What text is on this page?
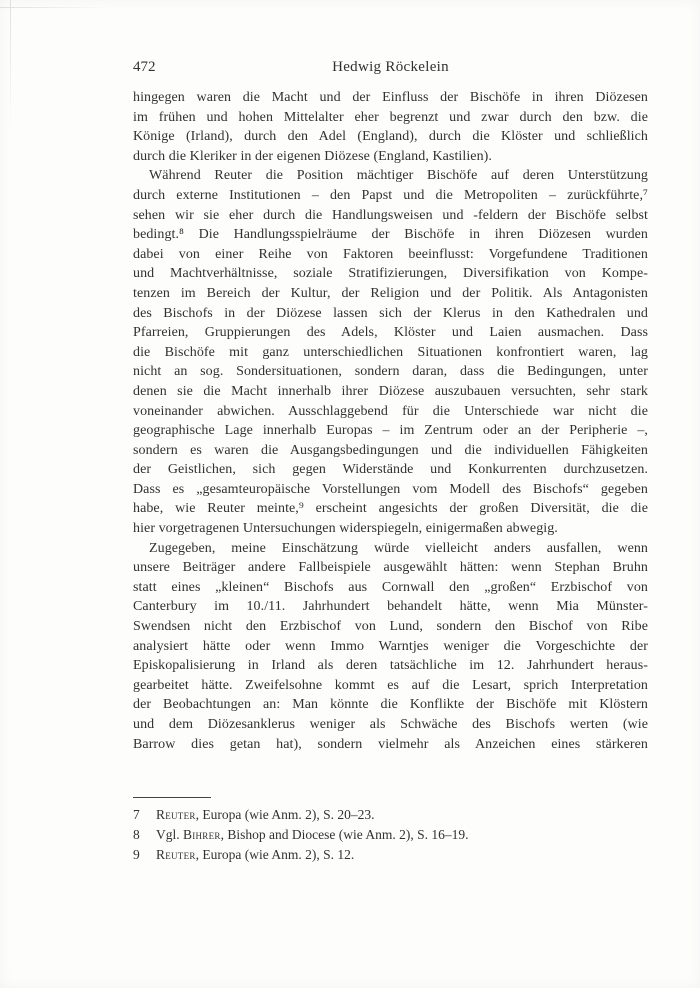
472	Hedwig Röckelein
hingegen waren die Macht und der Einfluss der Bischöfe in ihren Diözesen
im frühen und hohen Mittelalter eher begrenzt und zwar durch den bzw. die
Könige (Irland), durch den Adel (England), durch die Klöster und schließlich
durch die Kleriker in der eigenen Diözese (England, Kastilien).
Während Reuter die Position mächtiger Bischöfe auf deren Unterstützung
durch externe Institutionen – den Papst und die Metropoliten – zurückführte,⁷
sehen wir sie eher durch die Handlungsweisen und -feldern der Bischöfe selbst
bedingt.⁸ Die Handlungsspielräume der Bischöfe in ihren Diözesen wurden
dabei von einer Reihe von Faktoren beeinflusst: Vorgefundene Traditionen
und Machtverhältnisse, soziale Stratifizierungen, Diversifikation von Kompe-
tenzen im Bereich der Kultur, der Religion und der Politik. Als Antagonisten
des Bischofs in der Diözese lassen sich der Klerus in den Kathedralen und
Pfarreien, Gruppierungen des Adels, Klöster und Laien ausmachen. Dass
die Bischöfe mit ganz unterschiedlichen Situationen konfrontiert waren, lag
nicht an sog. Sondersituationen, sondern daran, dass die Bedingungen, unter
denen sie die Macht innerhalb ihrer Diözese auszubauen versuchten, sehr stark
voneinander abwichen. Ausschlaggebend für die Unterschiede war nicht die
geographische Lage innerhalb Europas – im Zentrum oder an der Peripherie –,
sondern es waren die Ausgangsbedingungen und die individuellen Fähigkeiten
der Geistlichen, sich gegen Widerstände und Konkurrenten durchzusetzen.
Dass es „gesamteuropäische Vorstellungen vom Modell des Bischofs“ gegeben
habe, wie Reuter meinte,⁹ erscheint angesichts der großen Diversität, die die
hier vorgetragenen Untersuchungen widerspiegeln, einigermaßen abwegig.
Zugegeben, meine Einschätzung würde vielleicht anders ausfallen, wenn
unsere Beiträger andere Fallbeispiele ausgewählt hätten: wenn Stephan Bruhn
statt eines „kleinen“ Bischofs aus Cornwall den „großen“ Erzbischof von
Canterbury im 10./11. Jahrhundert behandelt hätte, wenn Mia Münster-
Swendsen nicht den Erzbischof von Lund, sondern den Bischof von Ribe
analysiert hätte oder wenn Immo Warntjes weniger die Vorgeschichte der
Episkopalisierung in Irland als deren tatsächliche im 12. Jahrhundert heraus-
gearbeitet hätte. Zweifelsohne kommt es auf die Lesart, sprich Interpretation
der Beobachtungen an: Man könnte die Konflikte der Bischöfe mit Klöstern
und dem Diözesanklerus weniger als Schwäche des Bischofs werten (wie
Barrow dies getan hat), sondern vielmehr als Anzeichen eines stärkeren
7	Reuter, Europa (wie Anm. 2), S. 20–23.
8	Vgl. Bihrer, Bishop and Diocese (wie Anm. 2), S. 16–19.
9	Reuter, Europa (wie Anm. 2), S. 12.
